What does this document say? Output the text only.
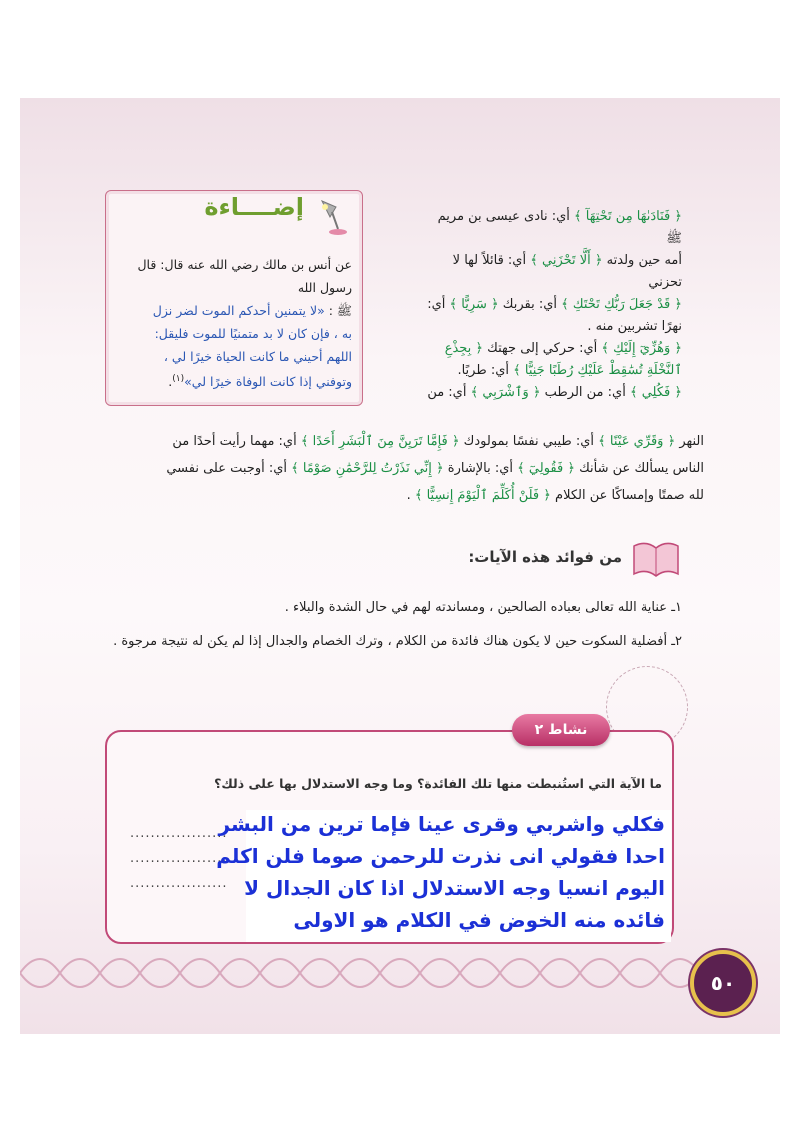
إضــــاءة
عن أنس بن مالك رضي الله عنه قال: قال رسول الله
ﷺ : «لا يتمنين أحدكم الموت لضر نزل
به ، فإن كان لا بد متمنيًا للموت فليقل:
اللهم أحيني ما كانت الحياة خيرًا لي ،
وتوفني إذا كانت الوفاة خيرًا لي»$^{(١)}$.
﴿ فَنَادَىٰهَا مِن تَحْتِهَآ ﴾ أي: نادى عيسى بن مريم ﷺ
أمه حين ولدته ﴿ أَلَّا تَحْزَنِي ﴾ أي: قائلاً لها لا تحزني
﴿ قَدْ جَعَلَ رَبُّكِ تَحْتَكِ ﴾ أي: بقربك ﴿ سَرِيًّا ﴾ أي:
نهرًا تشربين منه .
﴿ وَهُزِّيٓ إِلَيْكِ ﴾ أي: حركي إلى جهتك ﴿ بِجِذْعِ
ٱلنَّخْلَةِ تُسَٰقِطْ عَلَيْكِ رُطَبًا جَنِيًّا ﴾ أي: طريًا.
﴿ فَكُلِي ﴾ أي: من الرطب ﴿ وَٱشْرَبِي ﴾ أي: من
النهر ﴿ وَقَرِّي عَيْنًا ﴾ أي: طيبي نفسًا بمولودك ﴿ فَإِمَّا تَرَيِنَّ مِنَ ٱلْبَشَرِ أَحَدًا ﴾ أي: مهما رأيت أحدًا من
الناس يسألك عن شأنك ﴿ فَقُولِيٓ ﴾ أي: بالإشارة ﴿ إِنِّي نَذَرْتُ لِلرَّحْمَٰنِ صَوْمًا ﴾ أي: أوجبت على نفسي
لله صمتًا وإمساكًا عن الكلام ﴿ فَلَنْ أُكَلِّمَ ٱلْيَوْمَ إِنسِيًّا ﴾ .
من فوائد هذه الآيات:
١ـ عناية الله تعالى بعباده الصالحين ، ومساندته لهم في حال الشدة والبلاء .
٢ـ أفضلية السكوت حين لا يكون هناك فائدة من الكلام ، وترك الخصام والجدال إذا لم يكن له نتيجة مرجوة .
نشاط ٢
ما الآية التي استُنبطت منها تلك الفائدة؟ وما وجه الاستدلال بها على ذلك؟
...................
...................
...................
فكلي واشربي وقرى عينا فإما ترين من البشر
احدا فقولي انى نذرت للرحمن صوما فلن اكلم
اليوم انسيا وجه الاستدلال اذا كان الجدال لا
فائده منه الخوض في الكلام هو الاولى
٥٠
